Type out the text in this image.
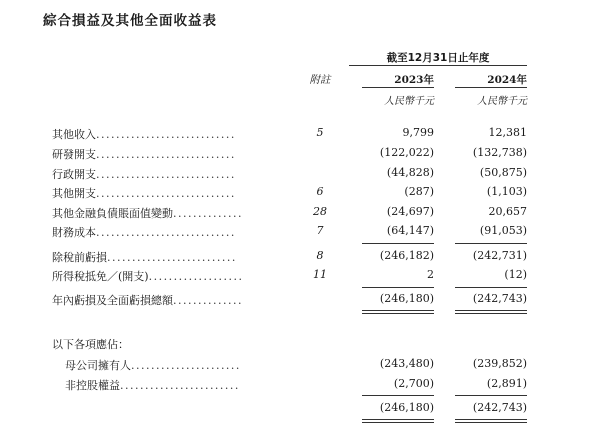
綜合損益及其他全面收益表
截至12月31日止年度
附註	2023年	2024年
人民幣千元	人民幣千元
其他收入............................	5	9,799	12,381
研發開支............................	(122,022)	(132,738)
行政開支............................	(44,828)	(50,875)
其他開支............................	6	(287)	(1,103)
其他金融負債賬面值變動..............	28	(24,697)	20,657
財務成本............................	7	(64,147)	(91,053)
除稅前虧損..........................	8	(246,182)	(242,731)
所得稅抵免／(開支)...................	11	2	(12)
年內虧損及全面虧損總額..............	(246,180)	(242,743)
以下各項應佔：
母公司擁有人......................	(243,480)	(239,852)
非控股權益........................	(2,700)	(2,891)
(246,180)	(242,743)
